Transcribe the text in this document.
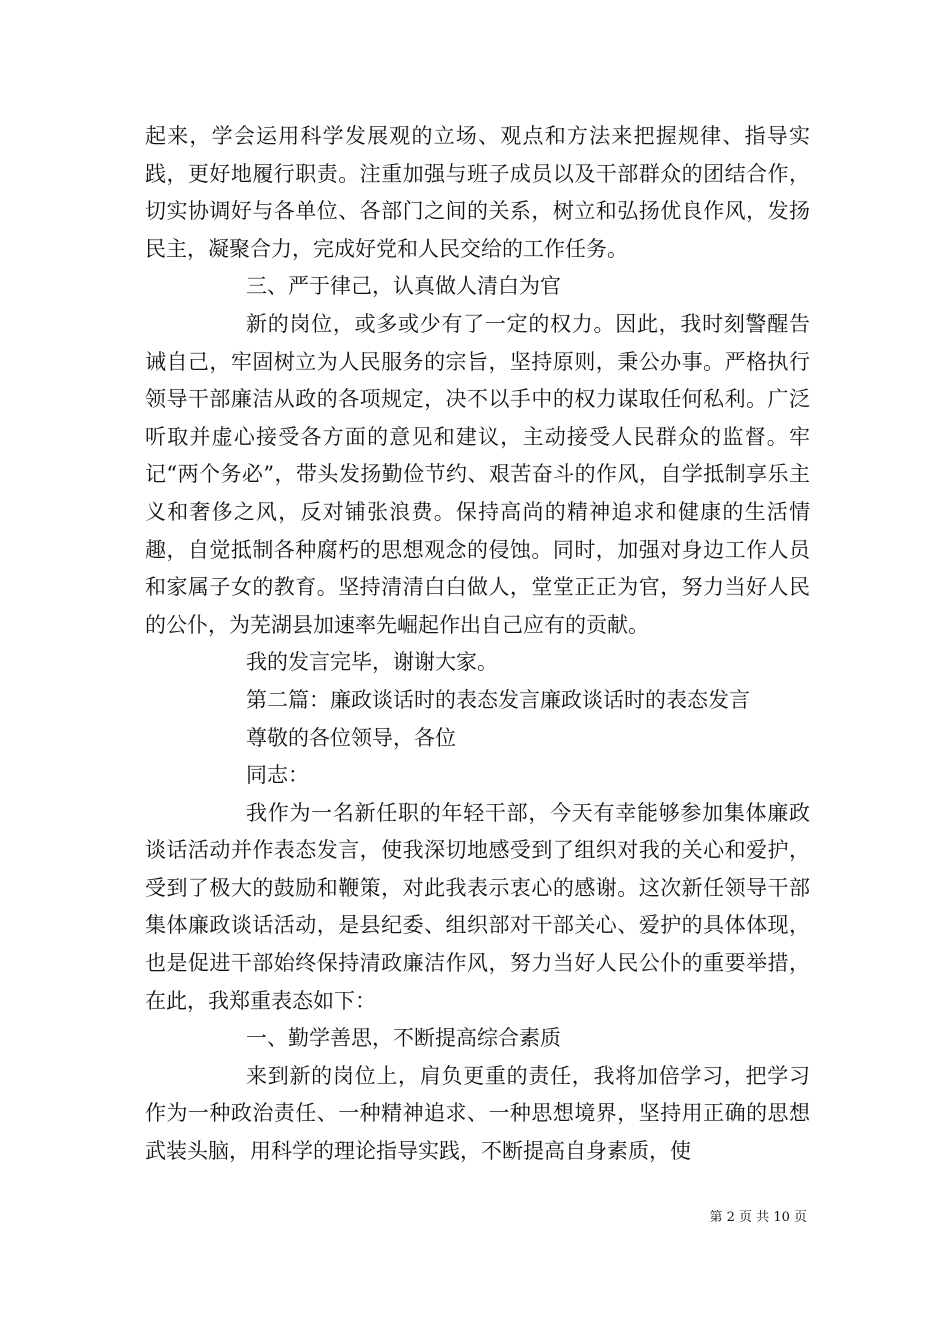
起来，学会运用科学发展观的立场、观点和方法来把握规律、指导实践，更好地履行职责。注重加强与班子成员以及干部群众的团结合作，切实协调好与各单位、各部门之间的关系，树立和弘扬优良作风，发扬民主，凝聚合力，完成好党和人民交给的工作任务。

三、严于律己，认真做人清白为官

新的岗位，或多或少有了一定的权力。因此，我时刻警醒告诫自己，牢固树立为人民服务的宗旨，坚持原则，秉公办事。严格执行领导干部廉洁从政的各项规定，决不以手中的权力谋取任何私利。广泛听取并虚心接受各方面的意见和建议，主动接受人民群众的监督。牢记“两个务必”，带头发扬勤俭节约、艰苦奋斗的作风，自学抵制享乐主义和奢侈之风，反对铺张浪费。保持高尚的精神追求和健康的生活情趣，自觉抵制各种腐朽的思想观念的侵蚀。同时，加强对身边工作人员和家属子女的教育。坚持清清白白做人，堂堂正正为官，努力当好人民的公仆，为芜湖县加速率先崛起作出自己应有的贡献。

我的发言完毕，谢谢大家。

第二篇：廉政谈话时的表态发言廉政谈话时的表态发言

尊敬的各位领导，各位

同志：

我作为一名新任职的年轻干部，今天有幸能够参加集体廉政谈话活动并作表态发言，使我深切地感受到了组织对我的关心和爱护，受到了极大的鼓励和鞭策，对此我表示衷心的感谢。这次新任领导干部集体廉政谈话活动，是县纪委、组织部对干部关心、爱护的具体体现，也是促进干部始终保持清政廉洁作风，努力当好人民公仆的重要举措，在此，我郑重表态如下：

一、勤学善思，不断提高综合素质

来到新的岗位上，肩负更重的责任，我将加倍学习，把学习作为一种政治责任、一种精神追求、一种思想境界，坚持用正确的思想武装头脑，用科学的理论指导实践，不断提高自身素质，使

第 2 页 共 10 页
